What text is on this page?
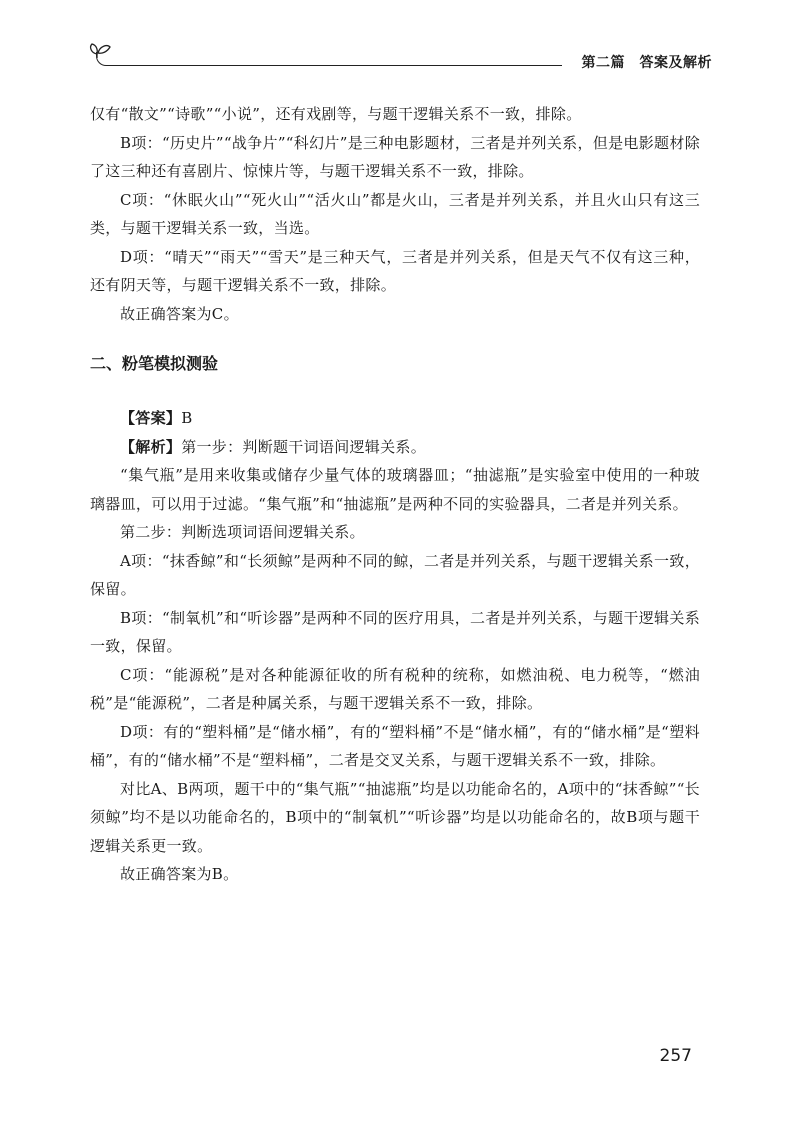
第二篇　答案及解析

仅有“散文”“诗歌”“小说”，还有戏剧等，与题干逻辑关系不一致，排除。

B项：“历史片”“战争片”“科幻片”是三种电影题材，三者是并列关系，但是电影题材除了这三种还有喜剧片、惊悚片等，与题干逻辑关系不一致，排除。

C项：“休眠火山”“死火山”“活火山”都是火山，三者是并列关系，并且火山只有这三类，与题干逻辑关系一致，当选。

D项：“晴天”“雨天”“雪天”是三种天气，三者是并列关系，但是天气不仅有这三种，还有阴天等，与题干逻辑关系不一致，排除。

故正确答案为C。

二、粉笔模拟测验

【答案】B

【解析】第一步：判断题干词语间逻辑关系。

“集气瓶”是用来收集或储存少量气体的玻璃器皿；“抽滤瓶”是实验室中使用的一种玻璃器皿，可以用于过滤。“集气瓶”和“抽滤瓶”是两种不同的实验器具，二者是并列关系。

第二步：判断选项词语间逻辑关系。

A项：“抹香鲸”和“长须鲸”是两种不同的鲸，二者是并列关系，与题干逻辑关系一致，保留。

B项：“制氧机”和“听诊器”是两种不同的医疗用具，二者是并列关系，与题干逻辑关系一致，保留。

C项：“能源税”是对各种能源征收的所有税种的统称，如燃油税、电力税等，“燃油税”是“能源税”，二者是种属关系，与题干逻辑关系不一致，排除。

D项：有的“塑料桶”是“储水桶”，有的“塑料桶”不是“储水桶”，有的“储水桶”是“塑料桶”，有的“储水桶”不是“塑料桶”，二者是交叉关系，与题干逻辑关系不一致，排除。

对比A、B两项，题干中的“集气瓶”“抽滤瓶”均是以功能命名的，A项中的“抹香鲸”“长须鲸”均不是以功能命名的，B项中的“制氧机”“听诊器”均是以功能命名的，故B项与题干逻辑关系更一致。

故正确答案为B。

257
